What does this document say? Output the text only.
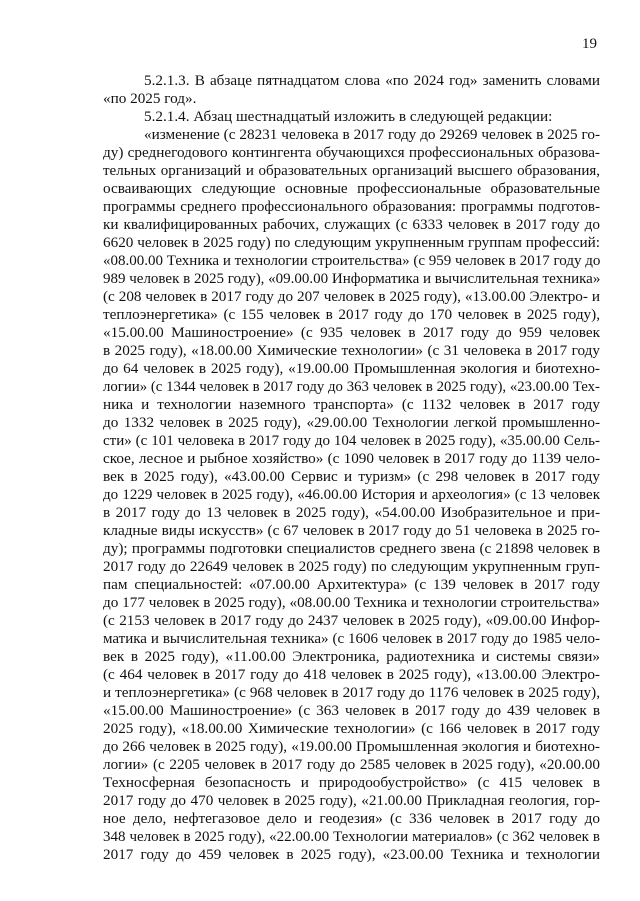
19
5.2.1.3. В абзаце пятнадцатом слова «по 2024 год» заменить словами
«по 2025 год».
5.2.1.4. Абзац шестнадцатый изложить в следующей редакции:
«изменение (с 28231 человека в 2017 году до 29269 человек в 2025 го-
ду) среднегодового контингента обучающихся профессиональных образова-
тельных организаций и образовательных организаций высшего образования,
осваивающих следующие основные профессиональные образовательные
программы среднего профессионального образования: программы подготов-
ки квалифицированных рабочих, служащих (с 6333 человек в 2017 году до
6620 человек в 2025 году) по следующим укрупненным группам профессий:
«08.00.00 Техника и технологии строительства» (с 959 человек в 2017 году до
989 человек в 2025 году), «09.00.00 Информатика и вычислительная техника»
(с 208 человек в 2017 году до 207 человек в 2025 году), «13.00.00 Электро- и
теплоэнергетика» (с 155 человек в 2017 году до 170 человек в 2025 году),
«15.00.00 Машиностроение» (с 935 человек в 2017 году до 959 человек
в 2025 году), «18.00.00 Химические технологии» (с 31 человека в 2017 году
до 64 человек в 2025 году), «19.00.00 Промышленная экология и биотехно-
логии» (с 1344 человек в 2017 году до 363 человек в 2025 году), «23.00.00 Тех-
ника и технологии наземного транспорта» (с 1132 человек в 2017 году
до 1332 человек в 2025 году), «29.00.00 Технологии легкой промышленно-
сти» (с 101 человека в 2017 году до 104 человек в 2025 году), «35.00.00 Сель-
ское, лесное и рыбное хозяйство» (с 1090 человек в 2017 году до 1139 чело-
век в 2025 году), «43.00.00 Сервис и туризм» (с 298 человек в 2017 году
до 1229 человек в 2025 году), «46.00.00 История и археология» (с 13 человек
в 2017 году до 13 человек в 2025 году), «54.00.00 Изобразительное и при-
кладные виды искусств» (с 67 человек в 2017 году до 51 человека в 2025 го-
ду); программы подготовки специалистов среднего звена (с 21898 человек в
2017 году до 22649 человек в 2025 году) по следующим укрупненным груп-
пам специальностей: «07.00.00 Архитектура» (с 139 человек в 2017 году
до 177 человек в 2025 году), «08.00.00 Техника и технологии строительства»
(с 2153 человек в 2017 году до 2437 человек в 2025 году), «09.00.00 Инфор-
матика и вычислительная техника» (с 1606 человек в 2017 году до 1985 чело-
век в 2025 году), «11.00.00 Электроника, радиотехника и системы связи»
(с 464 человек в 2017 году до 418 человек в 2025 году), «13.00.00 Электро-
и теплоэнергетика» (с 968 человек в 2017 году до 1176 человек в 2025 году),
«15.00.00 Машиностроение» (с 363 человек в 2017 году до 439 человек в
2025 году), «18.00.00 Химические технологии» (с 166 человек в 2017 году
до 266 человек в 2025 году), «19.00.00 Промышленная экология и биотехно-
логии» (с 2205 человек в 2017 году до 2585 человек в 2025 году), «20.00.00
Техносферная безопасность и природообустройство» (с 415 человек в
2017 году до 470 человек в 2025 году), «21.00.00 Прикладная геология, гор-
ное дело, нефтегазовое дело и геодезия» (с 336 человек в 2017 году до
348 человек в 2025 году), «22.00.00 Технологии материалов» (с 362 человек в
2017 году до 459 человек в 2025 году), «23.00.00 Техника и технологии
